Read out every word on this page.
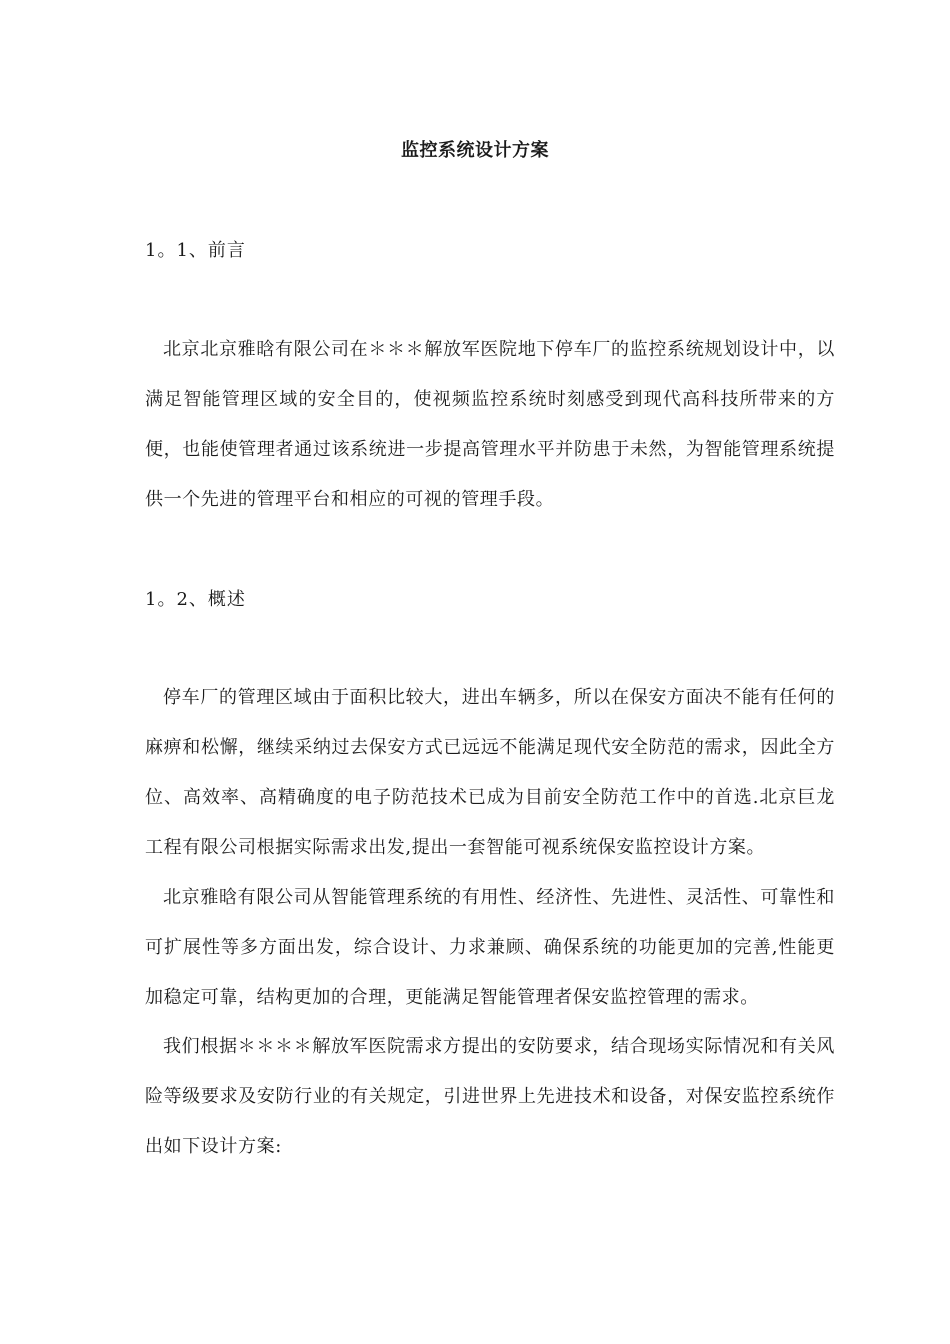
监控系统设计方案
1。1、前言

北京北京雅晗有限公司在＊＊＊解放军医院地下停车厂的监控系统规划设计中，以满足智能管理区域的安全目的，使视频监控系统时刻感受到现代高科技所带来的方便，也能使管理者通过该系统进一步提高管理水平并防患于未然，为智能管理系统提供一个先进的管理平台和相应的可视的管理手段。

1。2、概述

停车厂的管理区域由于面积比较大，进出车辆多，所以在保安方面决不能有任何的麻痹和松懈，继续采纳过去保安方式已远远不能满足现代安全防范的需求，因此全方位、高效率、高精确度的电子防范技术已成为目前安全防范工作中的首选.北京巨龙工程有限公司根据实际需求出发,提出一套智能可视系统保安监控设计方案。

北京雅晗有限公司从智能管理系统的有用性、经济性、先进性、灵活性、可靠性和可扩展性等多方面出发，综合设计、力求兼顾、确保系统的功能更加的完善,性能更加稳定可靠，结构更加的合理，更能满足智能管理者保安监控管理的需求。

我们根据＊＊＊＊解放军医院需求方提出的安防要求，结合现场实际情况和有关风险等级要求及安防行业的有关规定，引进世界上先进技术和设备，对保安监控系统作出如下设计方案:
